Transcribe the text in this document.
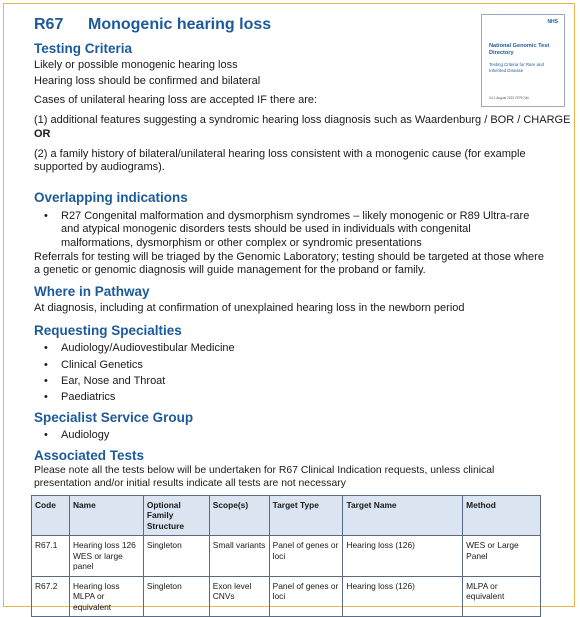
NHS
National Genomic Test Directory
Testing Criteria for Rare and Inherited Disease
V4.1 August 2022 OFFICIAL
R67 Monogenic hearing loss
Testing Criteria

Likely or possible monogenic hearing loss

Hearing loss should be confirmed and bilateral

Cases of unilateral hearing loss are accepted IF there are:

(1) additional features suggesting a syndromic hearing loss diagnosis such as Waardenburg / BOR / CHARGE OR

(2) a family history of bilateral/unilateral hearing loss consistent with a monogenic cause (for example supported by audiograms).

Overlapping indications
• R27 Congenital malformation and dysmorphism syndromes – likely monogenic or R89 Ultra-rare and atypical monogenic disorders tests should be used in individuals with congenital malformations, dysmorphism or other complex or syndromic presentations

Referrals for testing will be triaged by the Genomic Laboratory; testing should be targeted at those where a genetic or genomic diagnosis will guide management for the proband or family.

Where in Pathway

At diagnosis, including at confirmation of unexplained hearing loss in the newborn period

Requesting Specialties
• Audiology/Audiovestibular Medicine
• Clinical Genetics
• Ear, Nose and Throat
• Paediatrics
Specialist Service Group
• Audiology
Associated Tests

Please note all the tests below will be undertaken for R67 Clinical Indication requests, unless clinical presentation and/or initial results indicate all tests are not necessary

Code	Name	Optional Family Structure	Scope(s)	Target Type	Target Name	Method
R67.1	Hearing loss 126 WES or large panel	Singleton	Small variants	Panel of genes or loci	Hearing loss (126)	WES or Large Panel
R67.2	Hearing loss MLPA or equivalent	Singleton	Exon level CNVs	Panel of genes or loci	Hearing loss (126)	MLPA or equivalent
